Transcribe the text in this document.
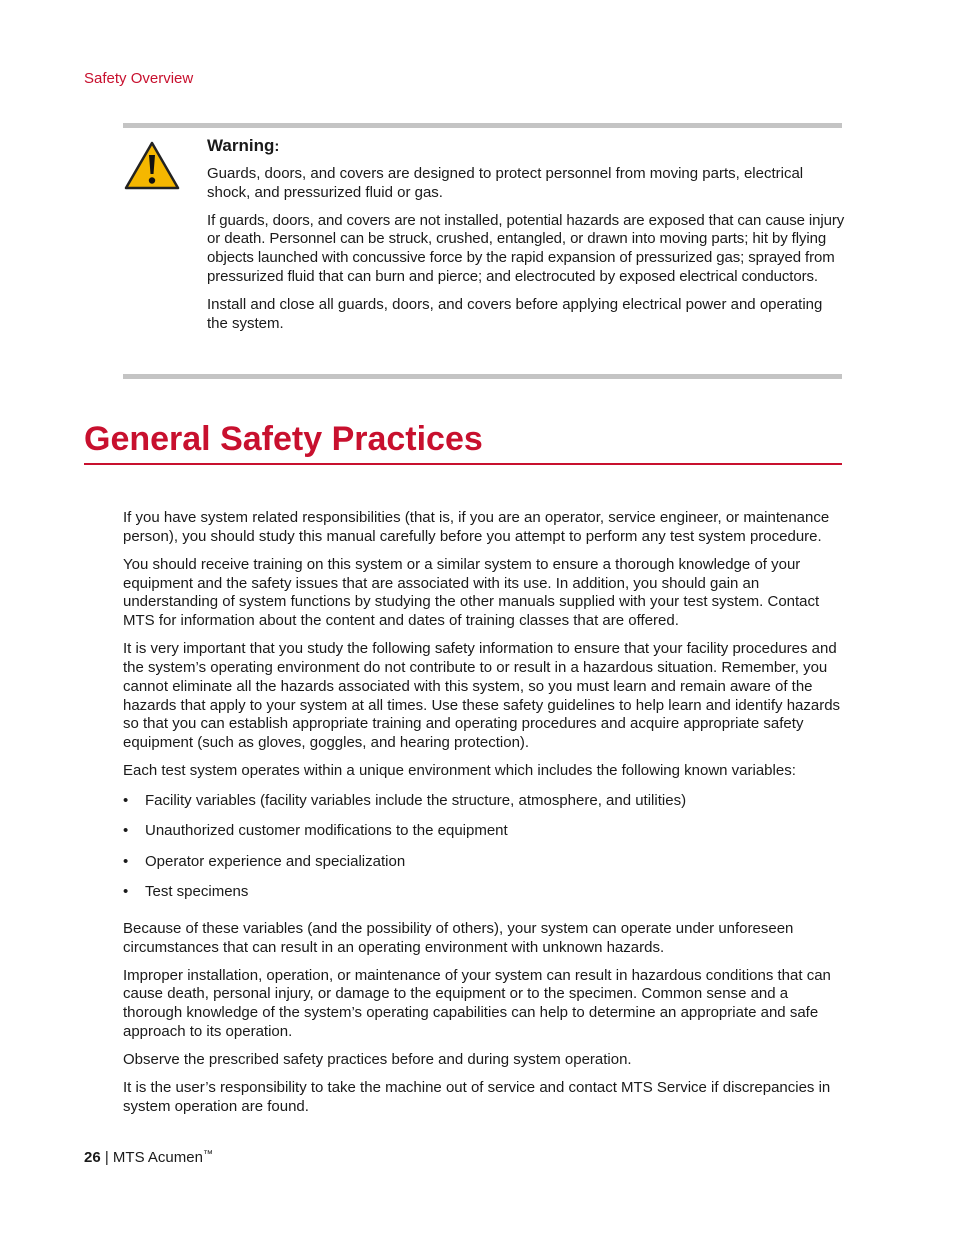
Safety Overview
Warning:

Guards, doors, and covers are designed to protect personnel from moving parts, electrical shock, and pressurized fluid or gas.

If guards, doors, and covers are not installed, potential hazards are exposed that can cause injury or death. Personnel can be struck, crushed, entangled, or drawn into moving parts; hit by flying objects launched with concussive force by the rapid expansion of pressurized gas; sprayed from pressurized fluid that can burn and pierce; and electrocuted by exposed electrical conductors.

Install and close all guards, doors, and covers before applying electrical power and operating the system.

General Safety Practices

If you have system related responsibilities (that is, if you are an operator, service engineer, or maintenance person), you should study this manual carefully before you attempt to perform any test system procedure.

You should receive training on this system or a similar system to ensure a thorough knowledge of your equipment and the safety issues that are associated with its use. In addition, you should gain an understanding of system functions by studying the other manuals supplied with your test system. Contact MTS for information about the content and dates of training classes that are offered.

It is very important that you study the following safety information to ensure that your facility procedures and the system’s operating environment do not contribute to or result in a hazardous situation. Remember, you cannot eliminate all the hazards associated with this system, so you must learn and remain aware of the hazards that apply to your system at all times. Use these safety guidelines to help learn and identify hazards so that you can establish appropriate training and operating procedures and acquire appropriate safety equipment (such as gloves, goggles, and hearing protection).

Each test system operates within a unique environment which includes the following known variables:

• Facility variables (facility variables include the structure, atmosphere, and utilities)
• Unauthorized customer modifications to the equipment
• Operator experience and specialization
• Test specimens

Because of these variables (and the possibility of others), your system can operate under unforeseen circumstances that can result in an operating environment with unknown hazards.

Improper installation, operation, or maintenance of your system can result in hazardous conditions that can cause death, personal injury, or damage to the equipment or to the specimen. Common sense and a thorough knowledge of the system’s operating capabilities can help to determine an appropriate and safe approach to its operation.

Observe the prescribed safety practices before and during system operation.

It is the user’s responsibility to take the machine out of service and contact MTS Service if discrepancies in system operation are found.

26 | MTS Acumen™
